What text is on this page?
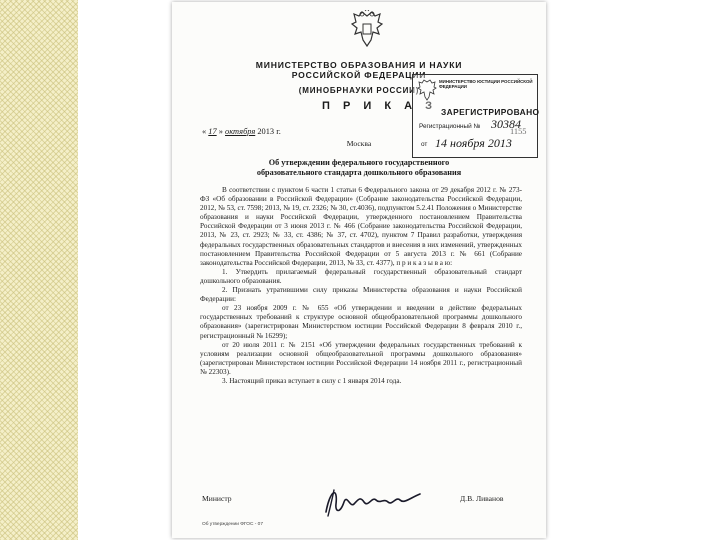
МИНИСТЕРСТВО ОБРАЗОВАНИЯ И НАУКИ
РОССИЙСКОЙ ФЕДЕРАЦИИ
(МИНОБРНАУКИ РОССИИ)
П Р И К А З
« 17 » октября 2013 г.	1155
Москва
МИНИСТЕРСТВО ЮСТИЦИИ РОССИЙСКОЙ ФЕДЕРАЦИИ
ЗАРЕГИСТРИРОВАНО
Регистрационный № 30384
от 14 ноября 2013
Об утверждении федерального государственного
образовательного стандарта дошкольного образования

В соответствии с пунктом 6 части 1 статьи 6 Федерального закона от 29 декабря 2012 г. № 273-ФЗ «Об образовании в Российской Федерации» (Собрание законодательства Российской Федерации, 2012, № 53, ст. 7598; 2013, № 19, ст. 2326; № 30, ст.4036), подпунктом 5.2.41 Положения о Министерстве образования и науки Российской Федерации, утвержденного постановлением Правительства Российской Федерации от 3 июня 2013 г. № 466 (Собрание законодательства Российской Федерации, 2013, № 23, ст. 2923; № 33, ст. 4386; № 37, ст. 4702), пунктом 7 Правил разработки, утверждения федеральных государственных образовательных стандартов и внесения в них изменений, утвержденных постановлением Правительства Российской Федерации от 5 августа 2013 г. № 661 (Собрание законодательства Российской Федерации, 2013, № 33, ст. 4377), п р и к а з ы в а ю:

1. Утвердить прилагаемый федеральный государственный образовательный стандарт дошкольного образования.

2. Признать утратившими силу приказы Министерства образования и науки Российской Федерации:

от 23 ноября 2009 г. № 655 «Об утверждении и введении в действие федеральных государственных требований к структуре основной общеобразовательной программы дошкольного образования» (зарегистрирован Министерством юстиции Российской Федерации 8 февраля 2010 г., регистрационный № 16299);

от 20 июля 2011 г. № 2151 «Об утверждении федеральных государственных требований к условиям реализации основной общеобразовательной программы дошкольного образования» (зарегистрирован Министерством юстиции Российской Федерации 14 ноября 2011 г., регистрационный № 22303).

3. Настоящий приказ вступает в силу с 1 января 2014 года.

Министр	Д.В. Ливанов
Об утверждении ФГОС - 07
